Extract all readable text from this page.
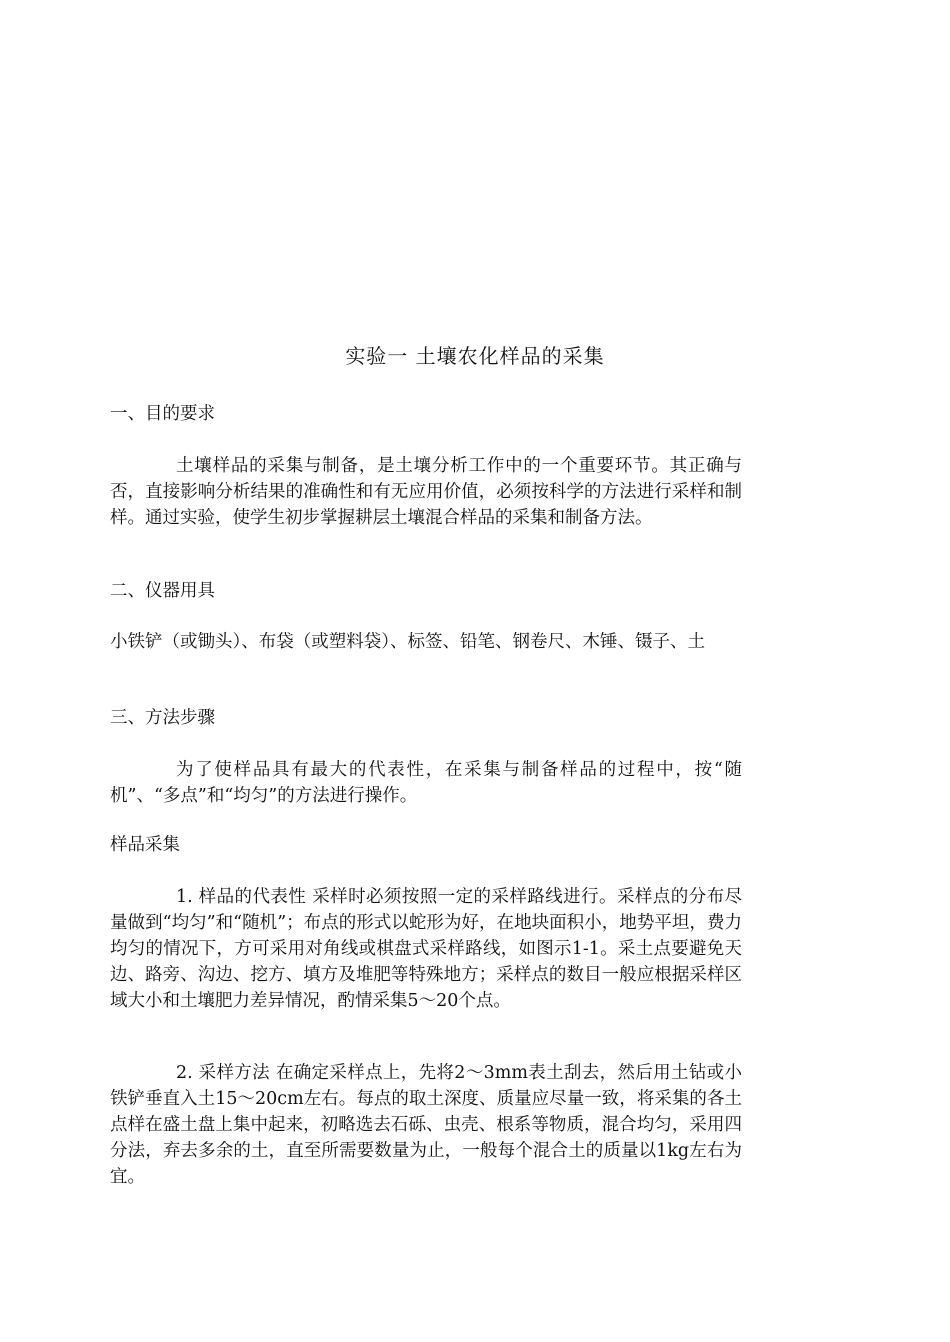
实验一 土壤农化样品的采集

一、目的要求

土壤样品的采集与制备，是土壤分析工作中的一个重要环节。其正确与否，直接影响分析结果的准确性和有无应用价值，必须按科学的方法进行采样和制样。通过实验，使学生初步掌握耕层土壤混合样品的采集和制备方法。

二、仪器用具

小铁铲（或锄头）、布袋（或塑料袋）、标签、铅笔、钢卷尺、木锤、镊子、土

三、方法步骤

为了使样品具有最大的代表性，在采集与制备样品的过程中，按“随机”、“多点”和“均匀”的方法进行操作。

样品采集

1. 样品的代表性 采样时必须按照一定的采样路线进行。采样点的分布尽量做到“均匀”和“随机”；布点的形式以蛇形为好，在地块面积小，地势平坦，费力均匀的情况下，方可采用对角线或棋盘式采样路线，如图示1-1。采土点要避免天边、路旁、沟边、挖方、填方及堆肥等特殊地方；采样点的数目一般应根据采样区域大小和土壤肥力差异情况，酌情采集5～20个点。

2. 采样方法 在确定采样点上，先将2～3mm表土刮去，然后用土钻或小铁铲垂直入土15～20cm左右。每点的取土深度、质量应尽量一致，将采集的各土点样在盛土盘上集中起来，初略选去石砾、虫壳、根系等物质，混合均匀，采用四分法，弃去多余的土，直至所需要数量为止，一般每个混合土的质量以1kg左右为宜。
